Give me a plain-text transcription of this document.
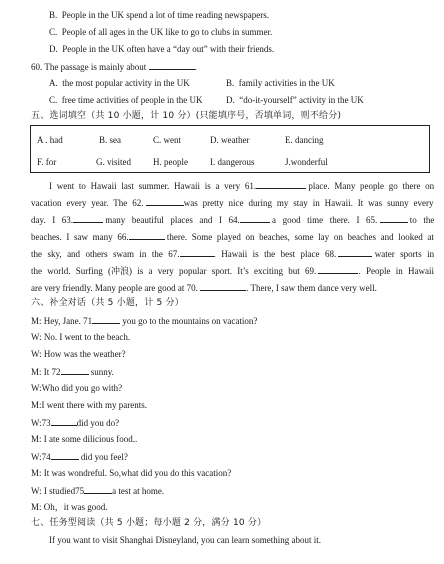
B. People in the UK spend a lot of time reading newspapers.
C. People of all ages in the UK like to go to clubs in summer.
D. People in the UK often have a “day out” with their friends.
60. The passage is mainly about	.
A. the most popular activity in the UK	B. family activities in the UK
C. free time activities of people in the UK	D. “do-it-yourself” activity in the UK
五、选词填空（共 10 小题，计 10 分）(只能填序号，否填单词，则不给分)
A . had	B. sea	C. went	D. weather	E. dancing
F. for	G. visited H. people I. dangerous	J.wonderful
I went to Hawaii last summer. Hawaii is a very 61.	place. Many people go there on
vacation every year. The 62.	was pretty nice during my stay in Hawaii. It was sunny every
day. I 63.	many beautiful places and I 64.	a good time there. I 65.	to the
beaches. I saw many 66.	there. Some played on beaches, some lay on beaches and looked at
the sky, and others swam in the 67.	. Hawaii is the best place 68.	water sports in
the world. Surfing (冲浪) is a very popular sport. It’s exciting but 69.	. People in Hawaii
are very friendly. Many people are good at 70.	. There, I saw them dance very well.
六、补全对话（共 5 小题，计 5 分）
M: Hey, Jane. 71	you go to the mountains on vacation?
W: No. I went to the beach.
W: How was the weather?
M: It 72	sunny.
W:Who did you go with?
M:I went there with my parents.
W:73	did you do?
M: I ate some dilicious food..
W:74	did you feel?
M: It was wondreful. So,what did you do this vacation?
W: I studied75	a test at home.
M: Oh，it was good.
七、任务型阅读（共 5 小题；每小题 2 分，满分 10 分）
If you want to visit Shanghai Disneyland, you can learn something about it.
